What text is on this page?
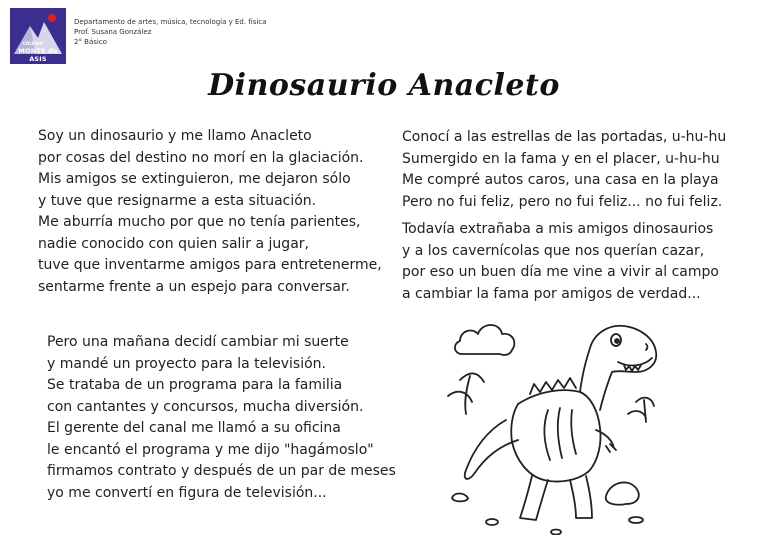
COLEGIO
MONTE de ASIS
Departamento de artes, música, tecnología y Ed. física
Prof. Susana González
2° Básico
Dinosaurio Anacleto
Soy un dinosaurio y me llamo Anacleto
por cosas del destino no morí en la glaciación.
Mis amigos se extinguieron, me dejaron sólo
y tuve que resignarme a esta situación.
Me aburría mucho por que no tenía parientes,
nadie conocido con quien salir a jugar,
tuve que inventarme amigos para entretenerme,
sentarme frente a un espejo para conversar.
Pero una mañana decidí cambiar mi suerte
y mandé un proyecto para la televisión.
Se trataba de un programa para la familia
con cantantes y concursos, mucha diversión.
El gerente del canal me llamó a su oficina
le encantó el programa y me dijo "hagámoslo"
firmamos contrato y después de un par de meses
yo me convertí en figura de televisión...
Conocí a las estrellas de las portadas, u-hu-hu
Sumergido en la fama y en el placer, u-hu-hu
Me compré autos caros, una casa en la playa
Pero no fui feliz, pero no fui feliz... no fui feliz.
Todavía extrañaba a mis amigos dinosaurios
y a los cavernícolas que nos querían cazar,
por eso un buen día me vine a vivir al campo
a cambiar la fama por amigos de verdad...
